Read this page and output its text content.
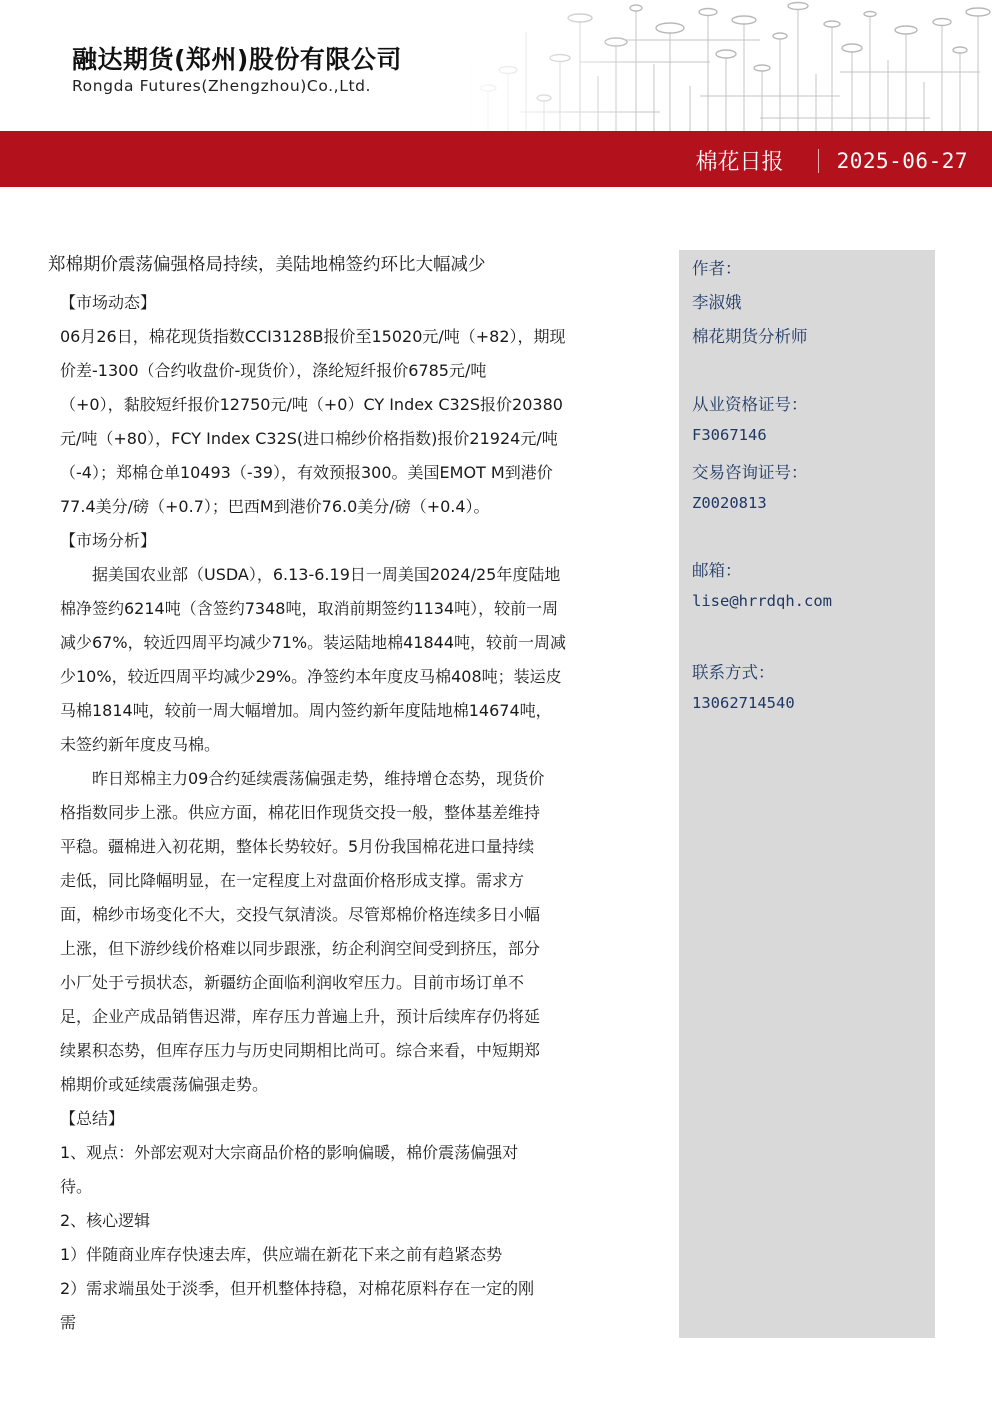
融达期货(郑州)股份有限公司
Rongda Futures(Zhengzhou)Co.,Ltd.
棉花日报	2025-06-27
郑棉期价震荡偏强格局持续，美陆地棉签约环比大幅减少
【市场动态】
06月26日，棉花现货指数CCI3128B报价至15020元/吨（+82），期现
价差-1300（合约收盘价-现货价），涤纶短纤报价6785元/吨
（+0），黏胶短纤报价12750元/吨（+0）CY Index C32S报价20380
元/吨（+80），FCY Index C32S(进口棉纱价格指数)报价21924元/吨
（-4）；郑棉仓单10493（-39），有效预报300。美国EMOT M到港价
77.4美分/磅（+0.7）；巴西M到港价76.0美分/磅（+0.4）。
【市场分析】
据美国农业部（USDA），6.13-6.19日一周美国2024/25年度陆地
棉净签约6214吨（含签约7348吨，取消前期签约1134吨），较前一周
减少67%，较近四周平均减少71%。装运陆地棉41844吨，较前一周减
少10%，较近四周平均减少29%。净签约本年度皮马棉408吨；装运皮
马棉1814吨，较前一周大幅增加。周内签约新年度陆地棉14674吨，
未签约新年度皮马棉。
昨日郑棉主力09合约延续震荡偏强走势，维持增仓态势，现货价
格指数同步上涨。供应方面，棉花旧作现货交投一般，整体基差维持
平稳。疆棉进入初花期，整体长势较好。5月份我国棉花进口量持续
走低，同比降幅明显，在一定程度上对盘面价格形成支撑。需求方
面，棉纱市场变化不大，交投气氛清淡。尽管郑棉价格连续多日小幅
上涨，但下游纱线价格难以同步跟涨，纺企利润空间受到挤压，部分
小厂处于亏损状态，新疆纺企面临利润收窄压力。目前市场订单不
足，企业产成品销售迟滞，库存压力普遍上升，预计后续库存仍将延
续累积态势，但库存压力与历史同期相比尚可。综合来看，中短期郑
棉期价或延续震荡偏强走势。
【总结】
1、观点：外部宏观对大宗商品价格的影响偏暖，棉价震荡偏强对
待。
2、核心逻辑
1）伴随商业库存快速去库，供应端在新花下来之前有趋紧态势
2）需求端虽处于淡季，但开机整体持稳，对棉花原料存在一定的刚
需
作者：
李淑娥
棉花期货分析师
从业资格证号：
F3067146
交易咨询证号：
Z0020813
邮箱：
lise@hrrdqh.com
联系方式：
13062714540
